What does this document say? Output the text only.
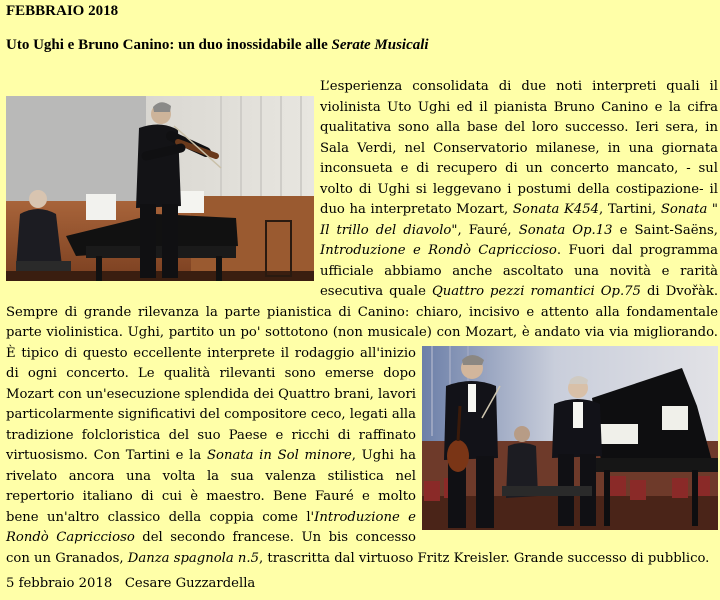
FEBBRAIO 2018
Uto Ughi e Bruno Canino: un duo inossidabile alle Serate Musicali

L’esperienza consolidata di due noti interpreti quali il violinista Uto Ughi ed il pianista Bruno Canino e la cifra qualitativa sono alla base del loro successo. Ieri sera, in Sala Verdi, nel Conservatorio milanese, in una giornata inconsueta e di recupero di un concerto mancato, - sul volto di Ughi si leggevano i postumi della costipazione- il duo ha interpretato Mozart, Sonata K454, Tartini, Sonata " Il trillo del diavolo", Fauré, Sonata Op.13 e Saint-Saëns, Introduzione e Rondò Capriccioso. Fuori dal programma ufficiale abbiamo anche ascoltato una novità e rarità esecutiva quale Quattro pezzi romantici Op.75 di Dvořàk. Sempre di grande rilevanza la parte pianistica di Canino: chiaro, incisivo e attento alla fondamentale parte violinistica. Ughi, partito un po' sottotono (non musicale) con Mozart,
è andato via via migliorando. È tipico di questo eccellente interprete il rodaggio all'inizio di ogni concerto. Le qualità rilevanti sono emerse dopo Mozart con un'esecuzione splendida dei Quattro brani, lavori particolarmente significativi del compositore ceco, legati alla tradizione folcloristica del suo Paese e ricchi di raffinato virtuosismo. Con Tartini e la Sonata in Sol minore, Ughi ha rivelato ancora una volta la sua valenza stilistica nel repertorio italiano di cui è maestro. Bene Fauré e molto bene un'altro classico della coppia come l'Introduzione e Rondò Capriccioso del secondo francese. Un bis concesso con un Granados, Danza spagnola n.5, trascritta dal virtuoso Fritz Kreisler. Grande successo di pubblico.

5 febbraio 2018 Cesare Guzzardella
